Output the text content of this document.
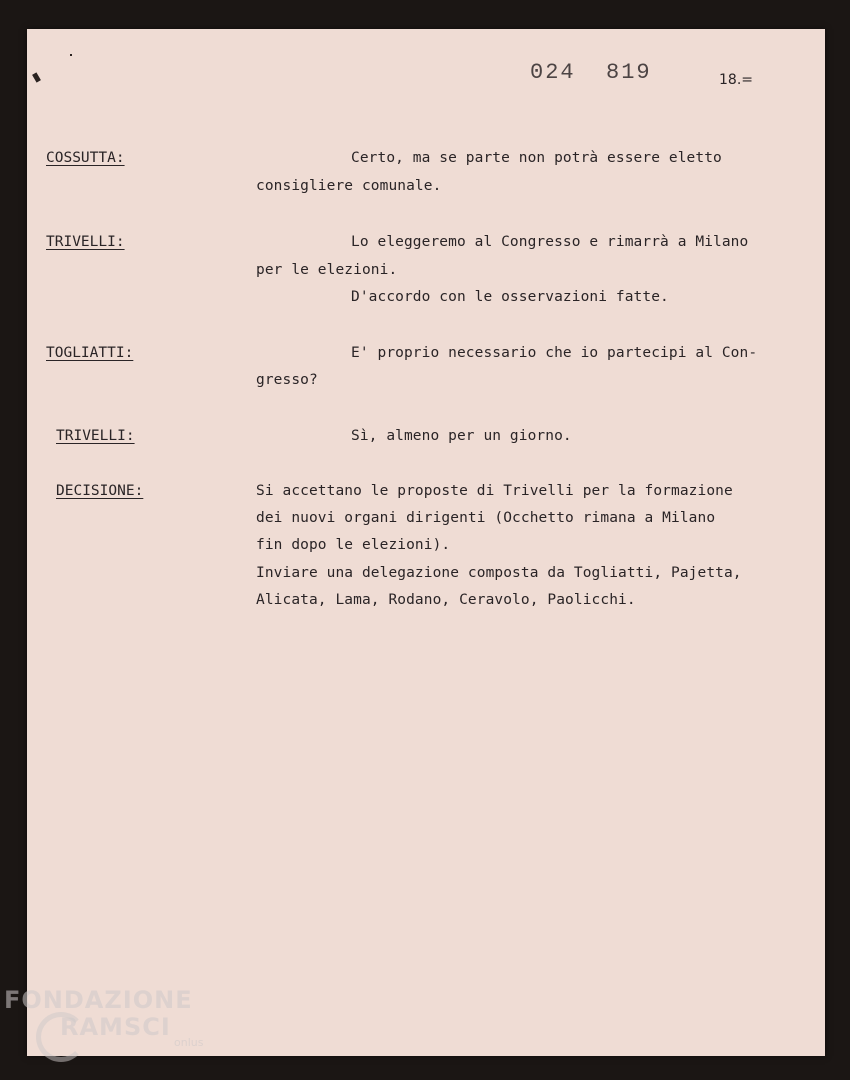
024  819	18.=
COSSUTTA:	Certo, ma se parte non potrà essere eletto
consigliere comunale.
TRIVELLI:	Lo eleggeremo al Congresso e rimarrà a Milano
per le elezioni.
D'accordo con le osservazioni fatte.
TOGLIATTI:	E' proprio necessario che io partecipi al Con-
gresso?
TRIVELLI:	Sì, almeno per un giorno.
DECISIONE:	Si accettano le proposte di Trivelli per la formazione
dei nuovi organi dirigenti (Occhetto rimana a Milano
fin dopo le elezioni).
Inviare una delegazione composta da Togliatti, Pajetta,
Alicata, Lama, Rodano, Ceravolo, Paolicchi.
FONDAZIONE
RAMSCI
onlus
